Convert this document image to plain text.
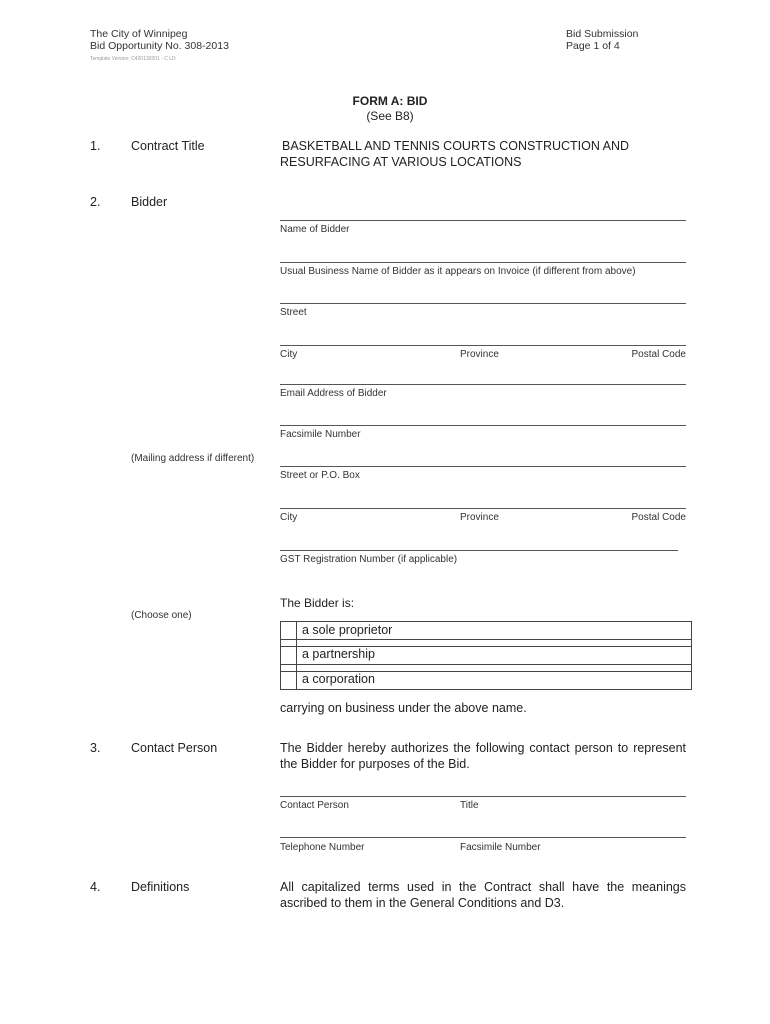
The City of Winnipeg
Bid Opportunity No. 308-2013
Template Version: C420130301 - C LD
Bid Submission
Page 1 of 4
FORM A: BID
(See B8)
1. Contract Title	BASKETBALL AND TENNIS COURTS CONSTRUCTION AND
RESURFACING AT VARIOUS LOCATIONS
2. Bidder
Name of Bidder
Usual Business Name of Bidder as it appears on Invoice (if different from above)
Street
City	Province	Postal Code
Email Address of Bidder
Facsimile Number
(Mailing address if different)
Street or P.O. Box
City	Province	Postal Code
GST Registration Number (if applicable)
The Bidder is:
(Choose one)
a sole proprietor
a partnership
a corporation
carrying on business under the above name.
3. Contact Person	The Bidder hereby authorizes the following contact person to represent the Bidder for purposes of the Bid.
Contact Person	Title
Telephone Number	Facsimile Number
4. Definitions	All capitalized terms used in the Contract shall have the meanings ascribed to them in the General Conditions and D3.
